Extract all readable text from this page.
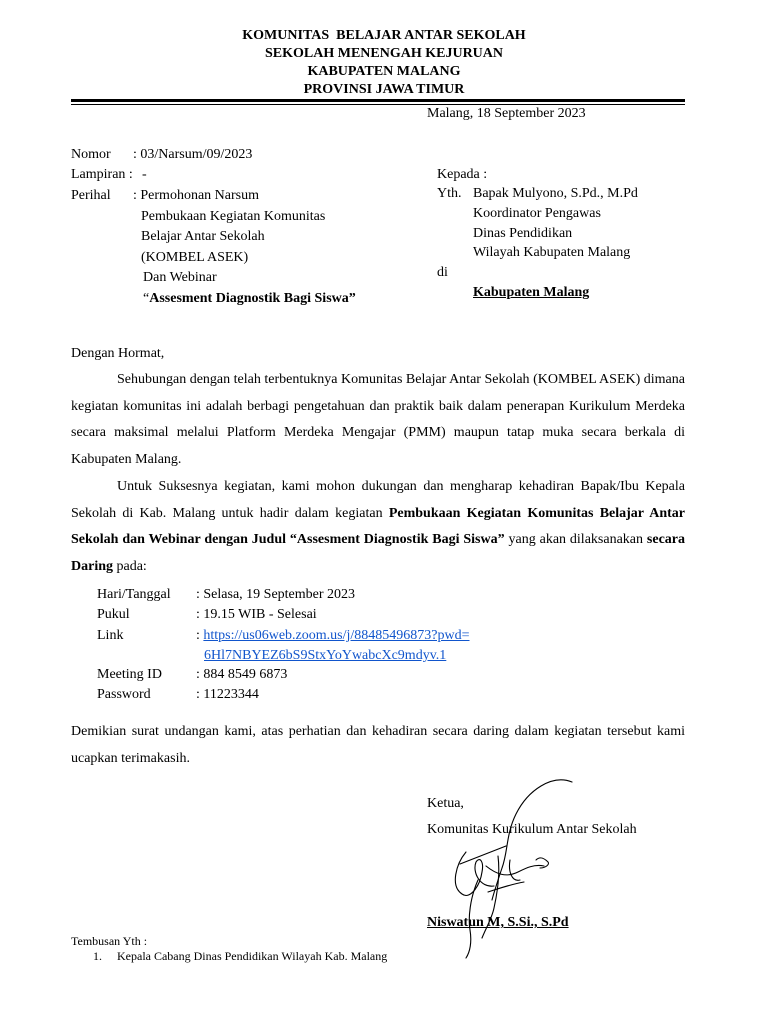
KOMUNITAS  BELAJAR ANTAR SEKOLAH
SEKOLAH MENENGAH KEJURUAN
KABUPATEN MALANG
PROVINSI JAWA TIMUR
Malang, 18 September 2023
Nomor : 03/Narsum/09/2023
Lampiran : -
Perihal : Permohonan Narsum
Pembukaan Kegiatan Komunitas
Belajar Antar Sekolah
(KOMBEL ASEK)
Dan Webinar
“Assesment Diagnostik Bagi Siswa”
Kepada :
Yth. Bapak Mulyono, S.Pd., M.Pd
Koordinator Pengawas
Dinas Pendidikan
Wilayah Kabupaten Malang
di
Kabupaten Malang
Dengan Hormat,
Sehubungan dengan telah terbentuknya Komunitas Belajar Antar Sekolah (KOMBEL ASEK) dimana kegiatan komunitas ini adalah berbagi pengetahuan dan praktik baik dalam penerapan Kurikulum Merdeka secara maksimal melalui Platform Merdeka Mengajar (PMM) maupun tatap muka secara berkala di Kabupaten Malang.
Untuk Suksesnya kegiatan, kami mohon dukungan dan mengharap kehadiran Bapak/Ibu Kepala Sekolah di Kab. Malang untuk hadir dalam kegiatan Pembukaan Kegiatan Komunitas Belajar Antar Sekolah dan Webinar dengan Judul “Assesment Diagnostik Bagi Siswa” yang akan dilaksanakan secara Daring pada:
Hari/Tanggal : Selasa, 19 September 2023
Pukul	: 19.15 WIB - Selesai
Link	: https://us06web.zoom.us/j/88485496873?pwd=
6Hl7NBYEZ6bS9StxYoYwabcXc9mdyv.1
Meeting ID : 884 8549 6873
Password	: 11223344
Demikian surat undangan kami, atas perhatian dan kehadiran secara daring dalam kegiatan tersebut kami ucapkan terimakasih.
Ketua,
Komunitas Kurikulum Antar Sekolah
Niswatun M, S.Si., S.Pd
Tembusan Yth :
1. Kepala Cabang Dinas Pendidikan Wilayah Kab. Malang
